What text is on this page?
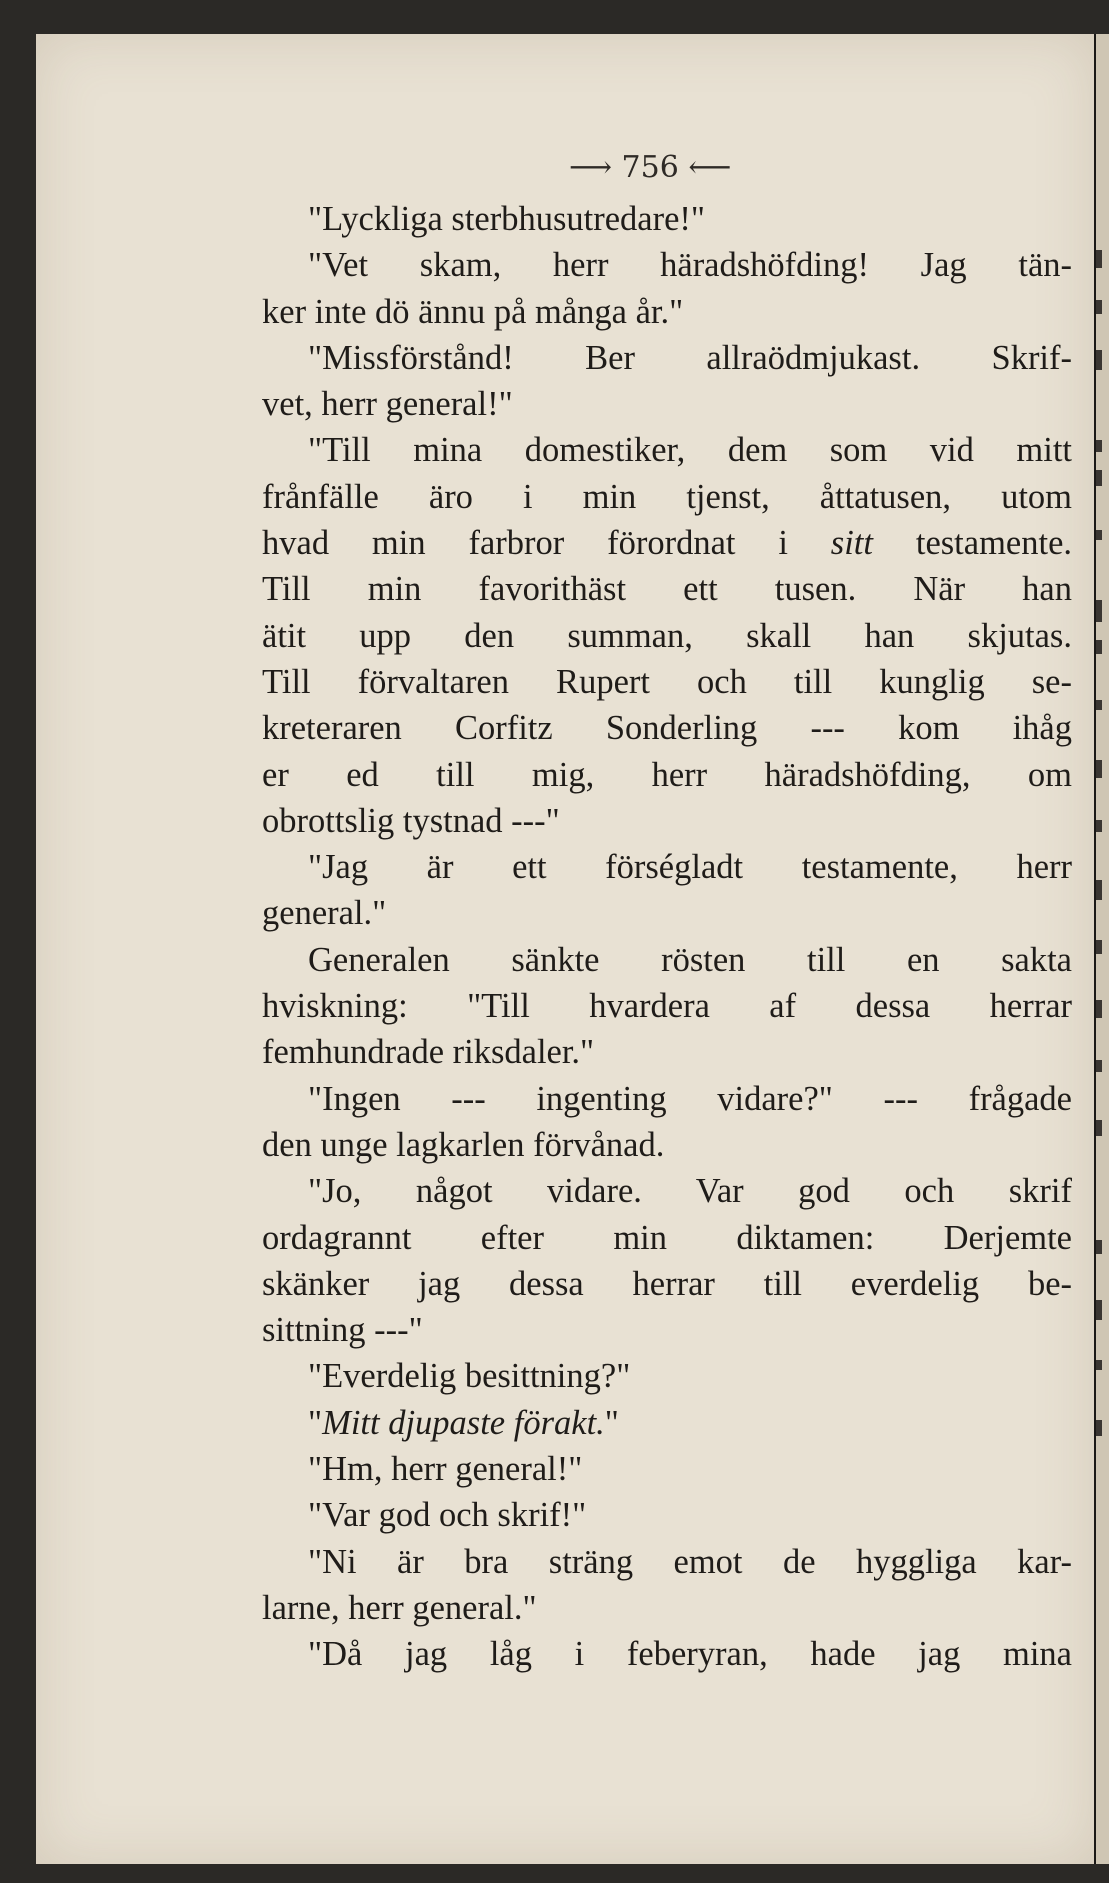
⟶ 756 ⟵
"Lyckliga sterbhusutredare!"
"Vet skam, herr häradshöfding! Jag tän-
ker inte dö ännu på många år."
"Missförstånd! Ber allraödmjukast. Skrif-
vet, herr general!"
"Till mina domestiker, dem som vid mitt
frånfälle äro i min tjenst, åttatusen, utom
hvad min farbror förordnat i sitt testamente.
Till min favorithäst ett tusen. När han
ätit upp den summan, skall han skjutas.
Till förvaltaren Rupert och till kunglig se-
kreteraren Corfitz Sonderling --- kom ihåg
er ed till mig, herr häradshöfding, om
obrottslig tystnad ---"
"Jag är ett förségladt testamente, herr
general."
Generalen sänkte rösten till en sakta
hviskning: "Till hvardera af dessa herrar
femhundrade riksdaler."
"Ingen --- ingenting vidare?" --- frågade
den unge lagkarlen förvånad.
"Jo, något vidare. Var god och skrif
ordagrannt efter min diktamen: Derjemte
skänker jag dessa herrar till everdelig be-
sittning ---"
"Everdelig besittning?"
"Mitt djupaste förakt."
"Hm, herr general!"
"Var god och skrif!"
"Ni är bra sträng emot de hyggliga kar-
larne, herr general."
"Då jag låg i feberyran, hade jag mina
